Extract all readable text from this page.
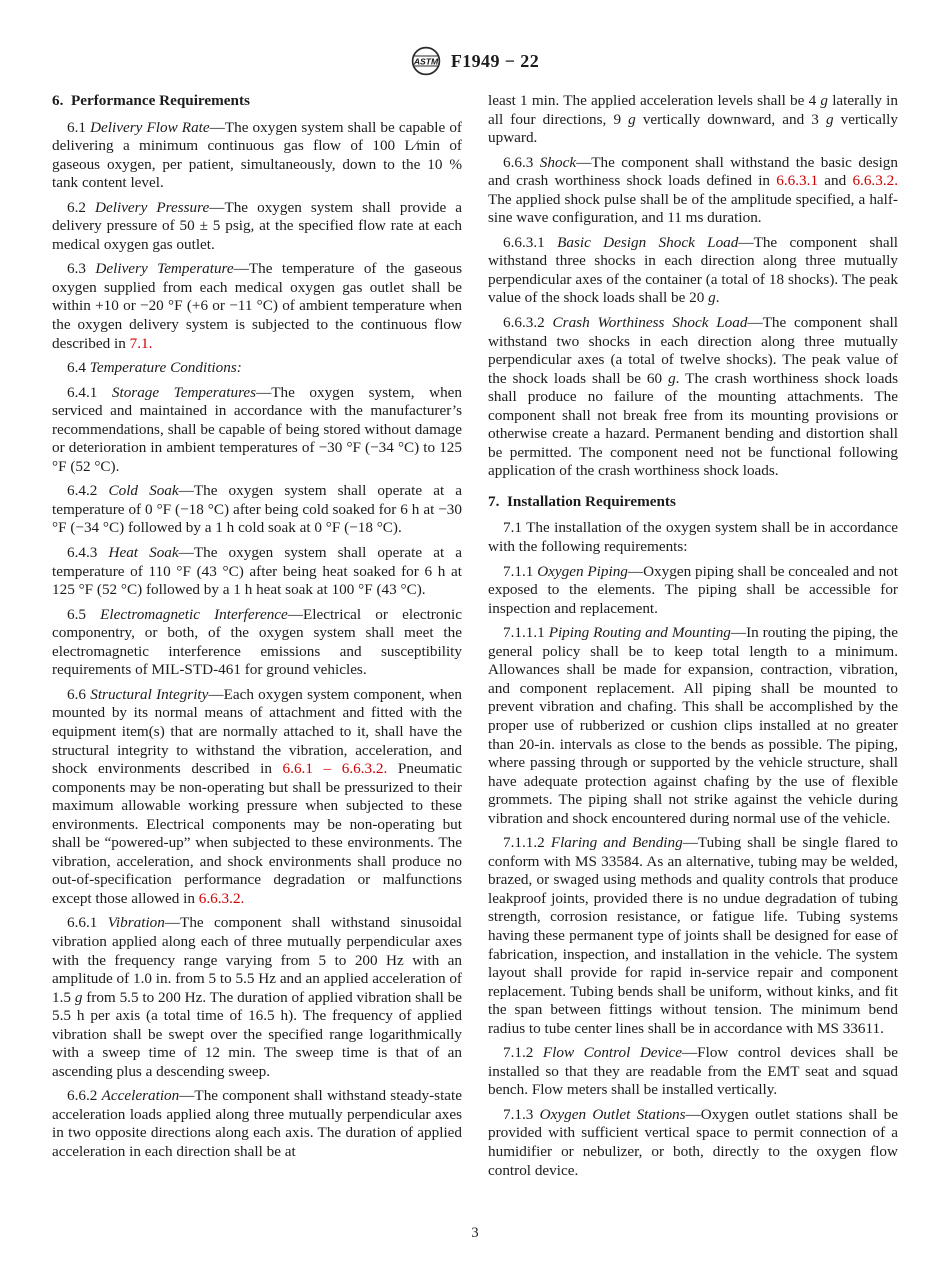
ASTM F1949 − 22
6. Performance Requirements

6.1 Delivery Flow Rate—The oxygen system shall be capable of delivering a minimum continuous gas flow of 100 L⁄min of gaseous oxygen, per patient, simultaneously, down to the 10 % tank content level.

6.2 Delivery Pressure—The oxygen system shall provide a delivery pressure of 50 ± 5 psig, at the specified flow rate at each medical oxygen gas outlet.

6.3 Delivery Temperature—The temperature of the gaseous oxygen supplied from each medical oxygen gas outlet shall be within +10 or −20 °F (+6 or −11 °C) of ambient temperature when the oxygen delivery system is subjected to the continuous flow described in 7.1.

6.4 Temperature Conditions:

6.4.1 Storage Temperatures—The oxygen system, when serviced and maintained in accordance with the manufacturer’s recommendations, shall be capable of being stored without damage or deterioration in ambient temperatures of −30 °F (−34 °C) to 125 °F (52 °C).

6.4.2 Cold Soak—The oxygen system shall operate at a temperature of 0 °F (−18 °C) after being cold soaked for 6 h at −30 °F (−34 °C) followed by a 1 h cold soak at 0 °F (−18 °C).

6.4.3 Heat Soak—The oxygen system shall operate at a temperature of 110 °F (43 °C) after being heat soaked for 6 h at 125 °F (52 °C) followed by a 1 h heat soak at 100 °F (43 °C).

6.5 Electromagnetic Interference—Electrical or electronic componentry, or both, of the oxygen system shall meet the electromagnetic interference emissions and susceptibility requirements of MIL-STD-461 for ground vehicles.

6.6 Structural Integrity—Each oxygen system component, when mounted by its normal means of attachment and fitted with the equipment item(s) that are normally attached to it, shall have the structural integrity to withstand the vibration, acceleration, and shock environments described in 6.6.1 – 6.6.3.2. Pneumatic components may be non-operating but shall be pressurized to their maximum allowable working pressure when subjected to these environments. Electrical components may be non-operating but shall be “powered-up” when subjected to these environments. The vibration, acceleration, and shock environments shall produce no out-of-specification performance degradation or malfunctions except those allowed in 6.6.3.2.

6.6.1 Vibration—The component shall withstand sinusoidal vibration applied along each of three mutually perpendicular axes with the frequency range varying from 5 to 200 Hz with an amplitude of 1.0 in. from 5 to 5.5 Hz and an applied acceleration of 1.5 g from 5.5 to 200 Hz. The duration of applied vibration shall be 5.5 h per axis (a total time of 16.5 h). The frequency of applied vibration shall be swept over the specified range logarithmically with a sweep time of 12 min. The sweep time is that of an ascending plus a descending sweep.

6.6.2 Acceleration—The component shall withstand steady-state acceleration loads applied along three mutually perpendicular axes in two opposite directions along each axis. The duration of applied acceleration in each direction shall be at

least 1 min. The applied acceleration levels shall be 4 g laterally in all four directions, 9 g vertically downward, and 3 g vertically upward.

6.6.3 Shock—The component shall withstand the basic design and crash worthiness shock loads defined in 6.6.3.1 and 6.6.3.2. The applied shock pulse shall be of the amplitude specified, a half-sine wave configuration, and 11 ms duration.

6.6.3.1 Basic Design Shock Load—The component shall withstand three shocks in each direction along three mutually perpendicular axes of the container (a total of 18 shocks). The peak value of the shock loads shall be 20 g.

6.6.3.2 Crash Worthiness Shock Load—The component shall withstand two shocks in each direction along three mutually perpendicular axes (a total of twelve shocks). The peak value of the shock loads shall be 60 g. The crash worthiness shock loads shall produce no failure of the mounting attachments. The component shall not break free from its mounting provisions or otherwise create a hazard. Permanent bending and distortion shall be permitted. The component need not be functional following application of the crash worthiness shock loads.

7. Installation Requirements

7.1 The installation of the oxygen system shall be in accordance with the following requirements:

7.1.1 Oxygen Piping—Oxygen piping shall be concealed and not exposed to the elements. The piping shall be accessible for inspection and replacement.

7.1.1.1 Piping Routing and Mounting—In routing the piping, the general policy shall be to keep total length to a minimum. Allowances shall be made for expansion, contraction, vibration, and component replacement. All piping shall be mounted to prevent vibration and chafing. This shall be accomplished by the proper use of rubberized or cushion clips installed at no greater than 20-in. intervals as close to the bends as possible. The piping, where passing through or supported by the vehicle structure, shall have adequate protection against chafing by the use of flexible grommets. The piping shall not strike against the vehicle during vibration and shock encountered during normal use of the vehicle.

7.1.1.2 Flaring and Bending—Tubing shall be single flared to conform with MS 33584. As an alternative, tubing may be welded, brazed, or swaged using methods and quality controls that produce leakproof joints, provided there is no undue degradation of tubing strength, corrosion resistance, or fatigue life. Tubing systems having these permanent type of joints shall be designed for ease of fabrication, inspection, and installation in the vehicle. The system layout shall provide for rapid in-service repair and component replacement. Tubing bends shall be uniform, without kinks, and fit the span between fittings without tension. The minimum bend radius to tube center lines shall be in accordance with MS 33611.

7.1.2 Flow Control Device—Flow control devices shall be installed so that they are readable from the EMT seat and squad bench. Flow meters shall be installed vertically.

7.1.3 Oxygen Outlet Stations—Oxygen outlet stations shall be provided with sufficient vertical space to permit connection of a humidifier or nebulizer, or both, directly to the oxygen flow control device.

3
